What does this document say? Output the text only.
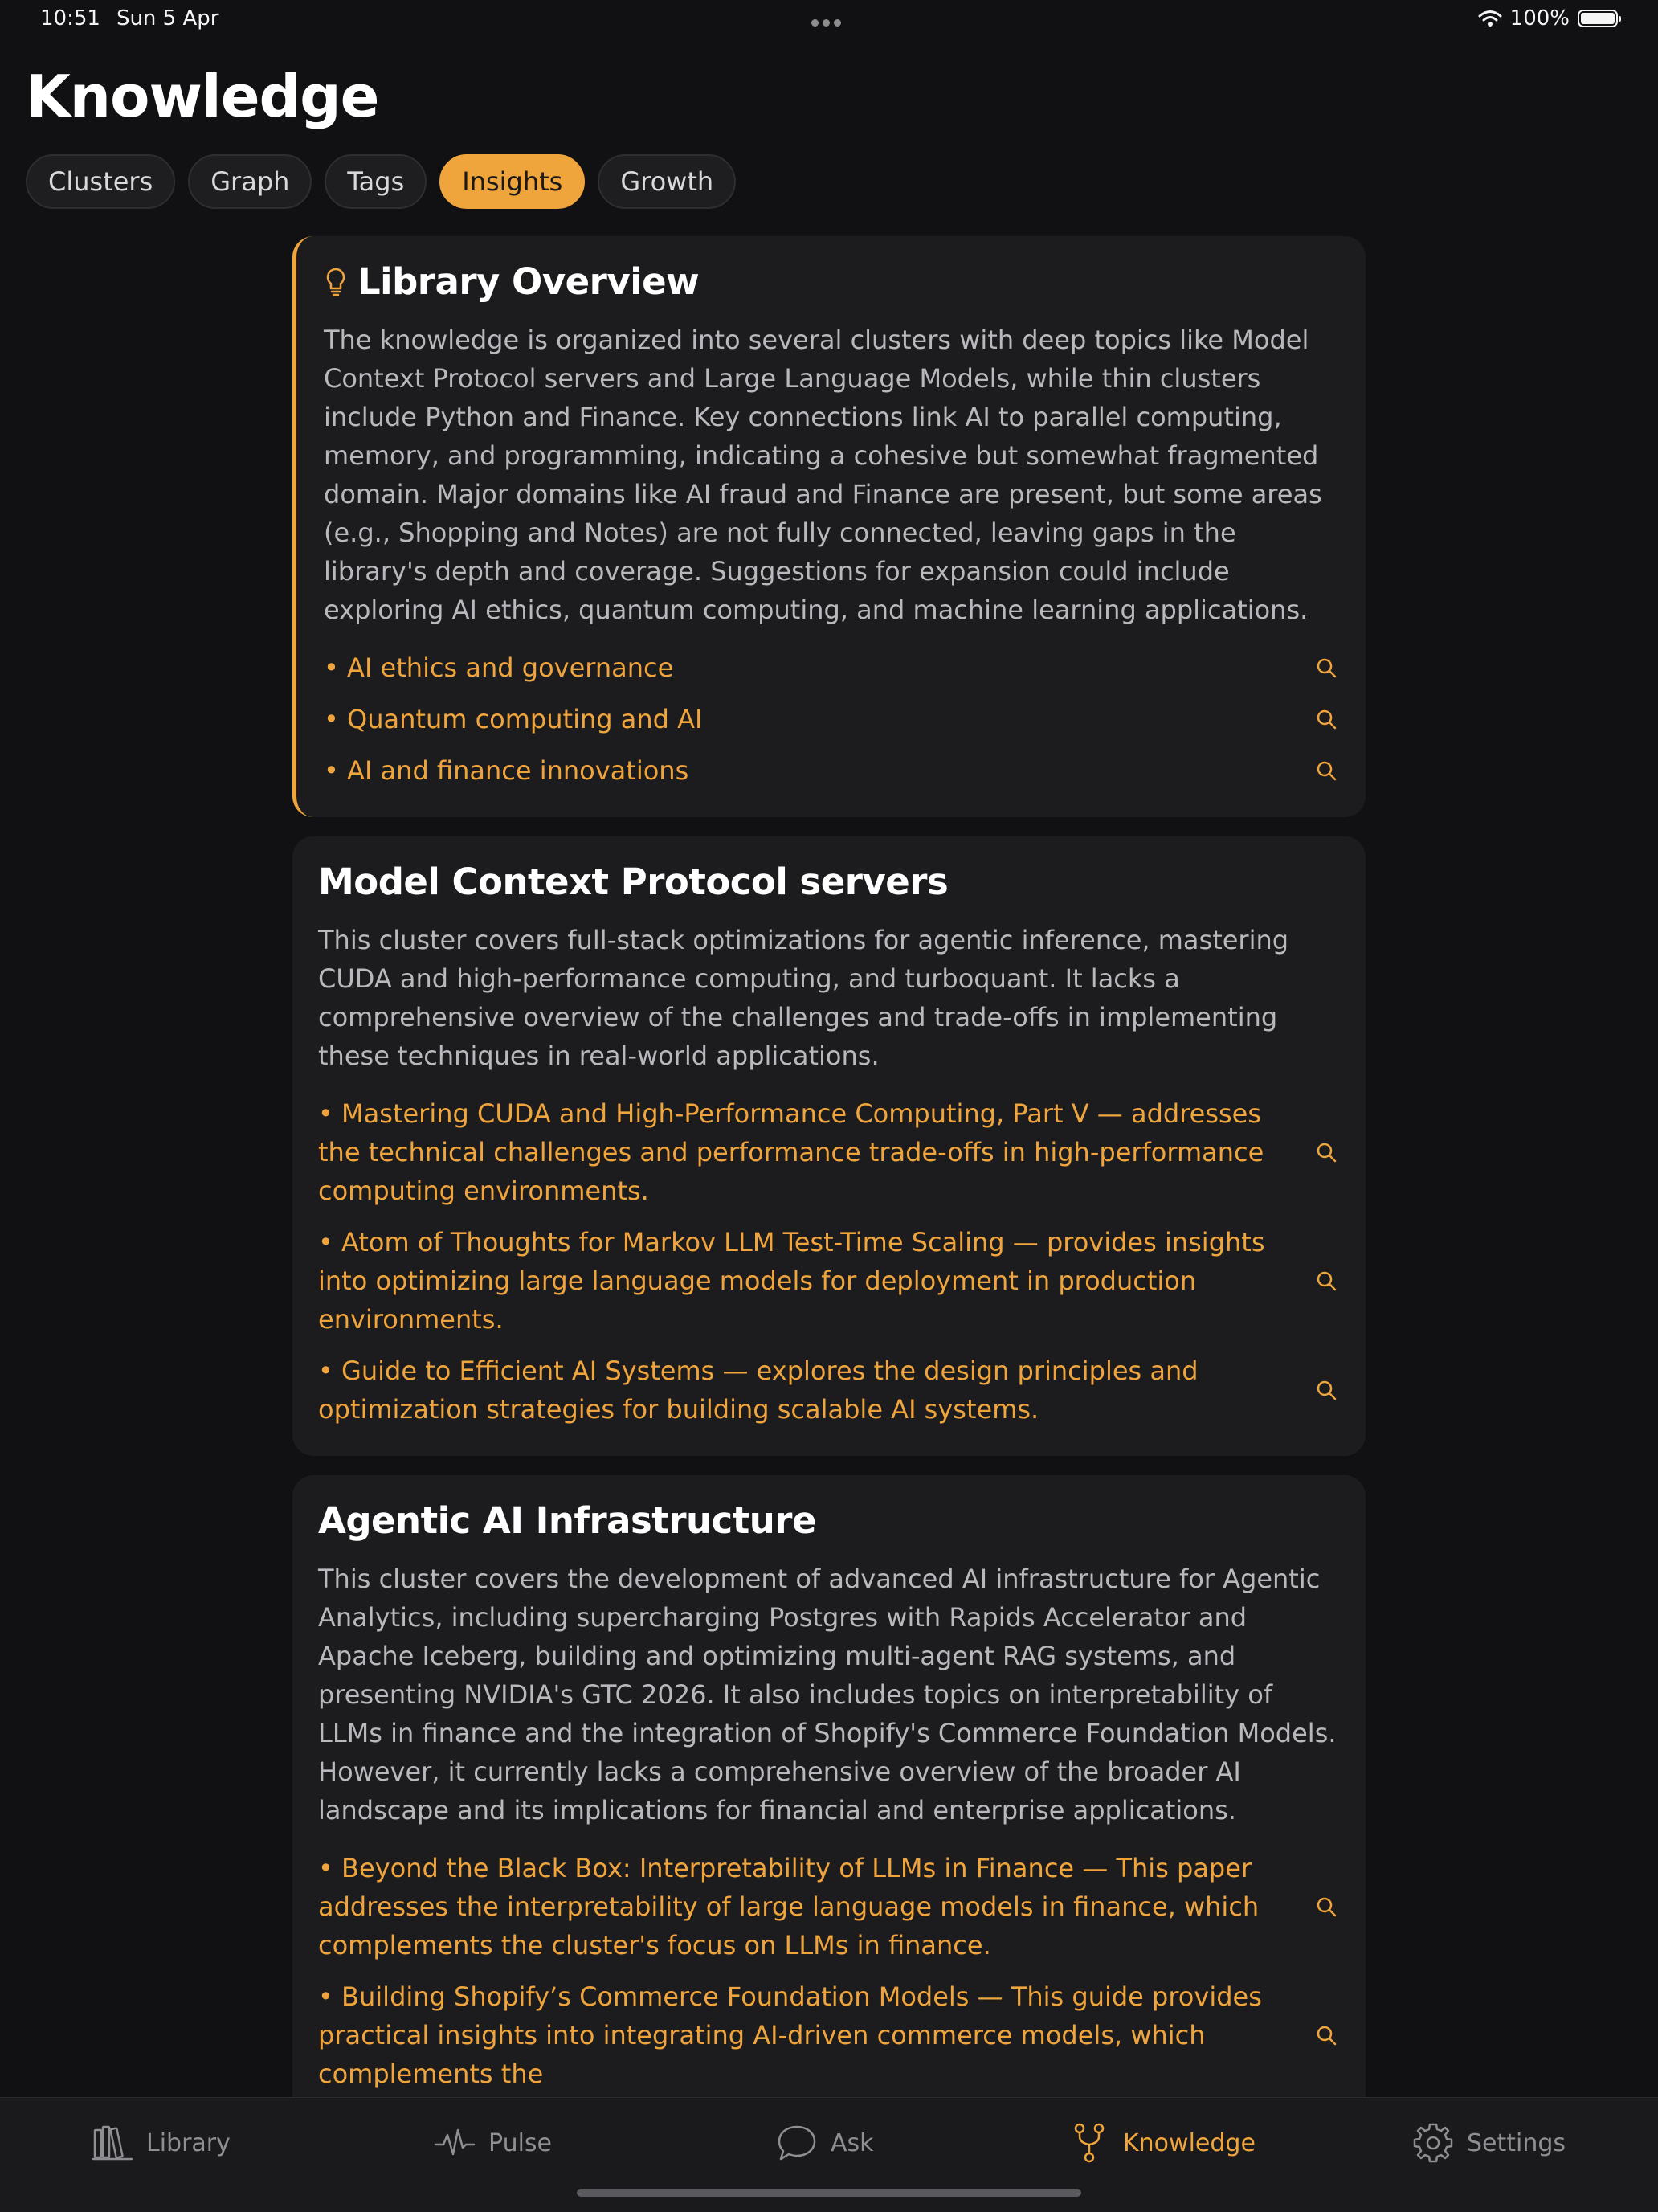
10:51 Sun 5 Apr	100%
Knowledge
Clusters	Graph	Tags	Insights	Growth
Library Overview

The knowledge is organized into several clusters with deep topics like Model Context Protocol servers and Large Language Models, while thin clusters include Python and Finance. Key connections link AI to parallel computing, memory, and programming, indicating a cohesive but somewhat fragmented domain. Major domains like AI fraud and Finance are present, but some areas (e.g., Shopping and Notes) are not fully connected, leaving gaps in the library's depth and coverage. Suggestions for expansion could include exploring AI ethics, quantum computing, and machine learning applications.

• AI ethics and governance
• Quantum computing and AI
• AI and finance innovations
Model Context Protocol servers

This cluster covers full-stack optimizations for agentic inference, mastering CUDA and high-performance computing, and turboquant. It lacks a comprehensive overview of the challenges and trade-offs in implementing these techniques in real-world applications.

• Mastering CUDA and High-Performance Computing, Part V — addresses the technical challenges and performance trade-offs in high-performance computing environments.
• Atom of Thoughts for Markov LLM Test-Time Scaling — provides insights into optimizing large language models for deployment in production environments.
• Guide to Efficient AI Systems — explores the design principles and optimization strategies for building scalable AI systems.
Agentic AI Infrastructure

This cluster covers the development of advanced AI infrastructure for Agentic Analytics, including supercharging Postgres with Rapids Accelerator and Apache Iceberg, building and optimizing multi-agent RAG systems, and presenting NVIDIA's GTC 2026. It also includes topics on interpretability of LLMs in finance and the integration of Shopify's Commerce Foundation Models. However, it currently lacks a comprehensive overview of the broader AI landscape and its implications for financial and enterprise applications.

• Beyond the Black Box: Interpretability of LLMs in Finance — This paper addresses the interpretability of large language models in finance, which complements the cluster's focus on LLMs in finance.
• Building Shopify’s Commerce Foundation Models — This guide provides practical insights into integrating AI-driven commerce models, which complements the
Library	Pulse	Ask	Knowledge	Settings
